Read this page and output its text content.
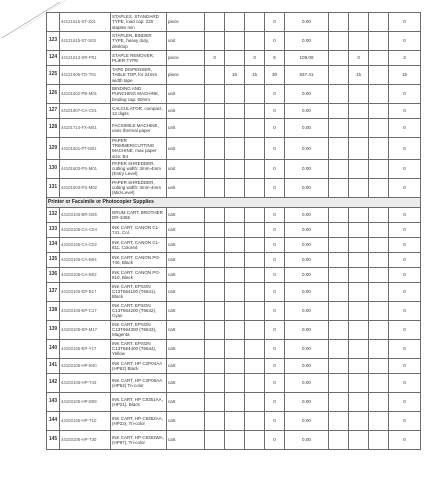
	44121615-ST-S01	STAPLES, STANDARD TYPE, load cap: 220 staples min	piece				0	0.00				0
123	44121615-ST-S03	STAPLER, BINDER TYPE, heavy duty, desktop	unit				0	0.00				0
124	44121613-SR-P01	STAPLE REMOVER, PLIER-TYPE	piece	3		3	6	109.08		3		3
125	44121605-TD-T01	TAPE DISPENSER, TABLE TOP, for 24mm width tape	piece		15	15	30	837.41		15		15
126	44101602-PB-M01	BINDING AND PUNCHING MACHINE, binding cap: 50mm	unit				0	0.00				0
127	44101807-CA-C01	CALCULATOR, compact, 12 digits	unit				0	0.00				0
128	44101714-FX-M01	FACSIMILE MACHINE, uses thermal paper	unit				0	0.00				0
129	44101601-PT-M01	PAPER TRIMMER/CUTTING MACHINE, max paper size: B4	unit				0	0.00				0
130	44101603-PS-M01	PAPER SHREDDER, cutting width: 3mm-4mm (Entry Level)	unit				0	0.00				0
131	44101603-PS-M02	PAPER SHREDDER, cutting width: 3mm-4mm (Mid-Level)	unit				0	0.00				0
Printer or Facsimile or Photocopier Supplies												
132	44103105-BR-D05	DRUM CART, BROTHER DR-3455	cart				0	0.00				0
133	44103105-CA-C04	INK CART, CANON CL-741, Col.	cart				0	0.00				0
134	44103105-CA-C02	INK CART, CANON CL-811, Colored	cart				0	0.00				0
135	44103105-CA-B04	INK CART, CANON PG-740, Black	cart				0	0.00				0
136	44103105-CA-B02	INK CART, CANON PG-810, Black	cart				0	0.00				0
137	44103105-EP-B17	INK CART, EPSON C13T664100 (T6641), Black	cart				0	0.00				0
138	44103105-EP-C17	INK CART, EPSON C13T664200 (T6642), Cyan	cart				0	0.00				0
139	44103105-EP-M17	INK CART, EPSON C13T664300 (T6643), Magenta	cart				0	0.00				0
140	44103105-EP-Y17	INK CART, EPSON C13T664400 (T6644), Yellow	cart				0	0.00				0
141	44103105-HP-B40	INK CART, HP C2P04AA (HP62) Black	cart				0	0.00				0
142	44103105-HP-T43	INK CART, HP C2P06AA (HP62) Tri-color	cart				0	0.00				0
143	44103105-HP-B09	INK CART, HP C9351AA, (HP21), Black	cart				0	0.00				0
144	44103105-HP-T10	INK CART, HP C9352AA, (HP22), Tri-color	cart				0	0.00				0
145	44103105-HP-T30	INK CART, HP C9363WA, (HP97), Tri-color	cart				0	0.00				0
